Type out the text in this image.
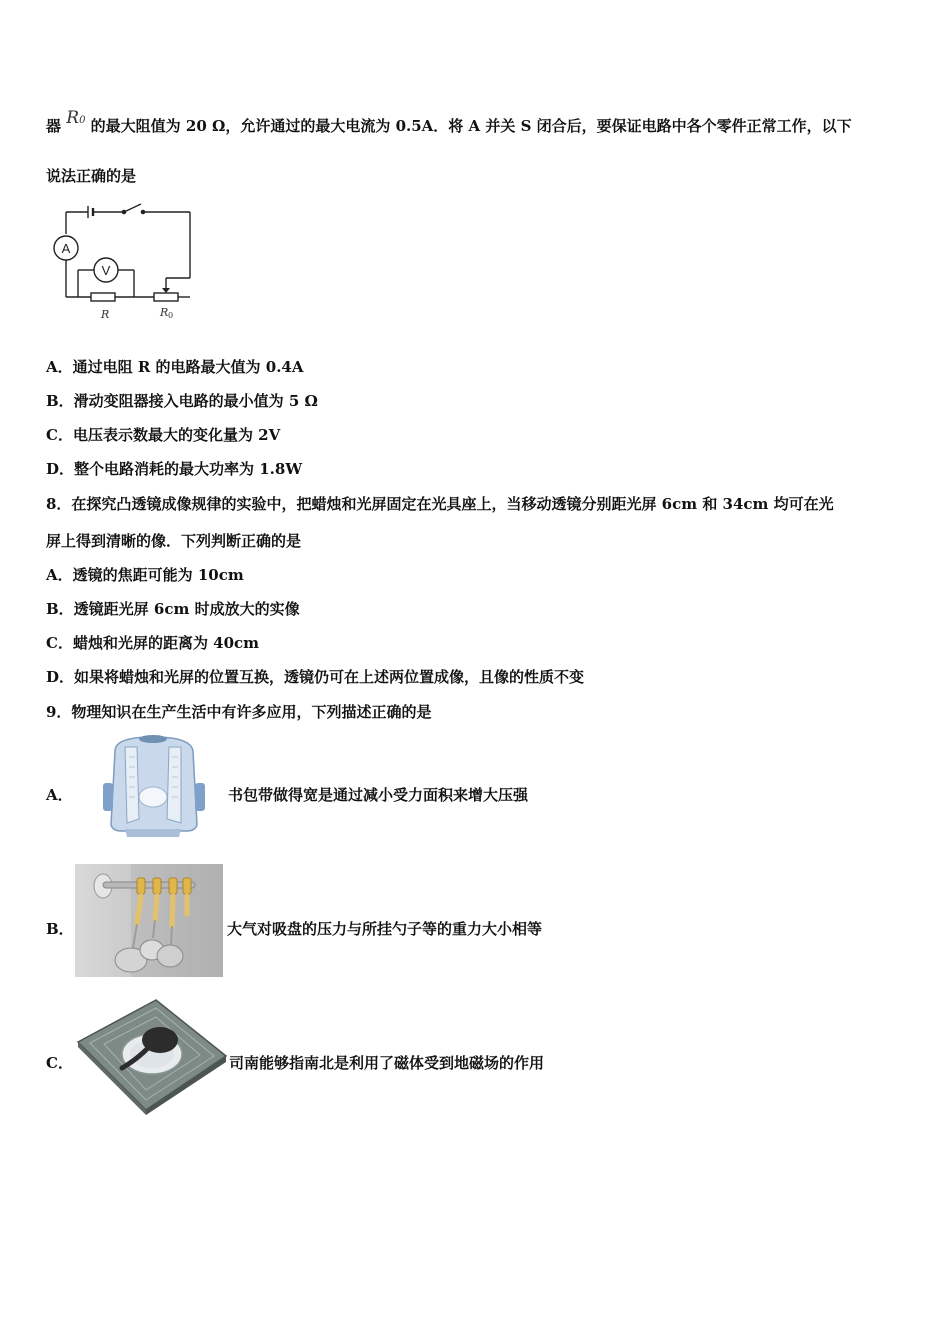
器 R0 的最大阻值为 20 Ω，允许通过的最大电流为 0.5A．将 A 并关 S 闭合后，要保证电路中各个零件正常工作，以下
说法正确的是
A
V
R	R 0
A．通过电阻 R 的电路最大值为 0.4A
B．滑动变阻器接入电路的最小值为 5 Ω
C．电压表示数最大的变化量为 2V
D．整个电路消耗的最大功率为 1.8W
8．在探究凸透镜成像规律的实验中，把蜡烛和光屏固定在光具座上，当移动透镜分别距光屏 6cm 和 34cm 均可在光
屏上得到清晰的像．下列判断正确的是
A．透镜的焦距可能为 10cm
B．透镜距光屏 6cm 时成放大的实像
C．蜡烛和光屏的距离为 40cm
D．如果将蜡烛和光屏的位置互换，透镜仍可在上述两位置成像，且像的性质不变
9．物理知识在生产生活中有许多应用，下列描述正确的是
A．	书包带做得宽是通过减小受力面积来增大压强
B．	大气对吸盘的压力与所挂勺子等的重力大小相等
C．	司南能够指南北是利用了磁体受到地磁场的作用
